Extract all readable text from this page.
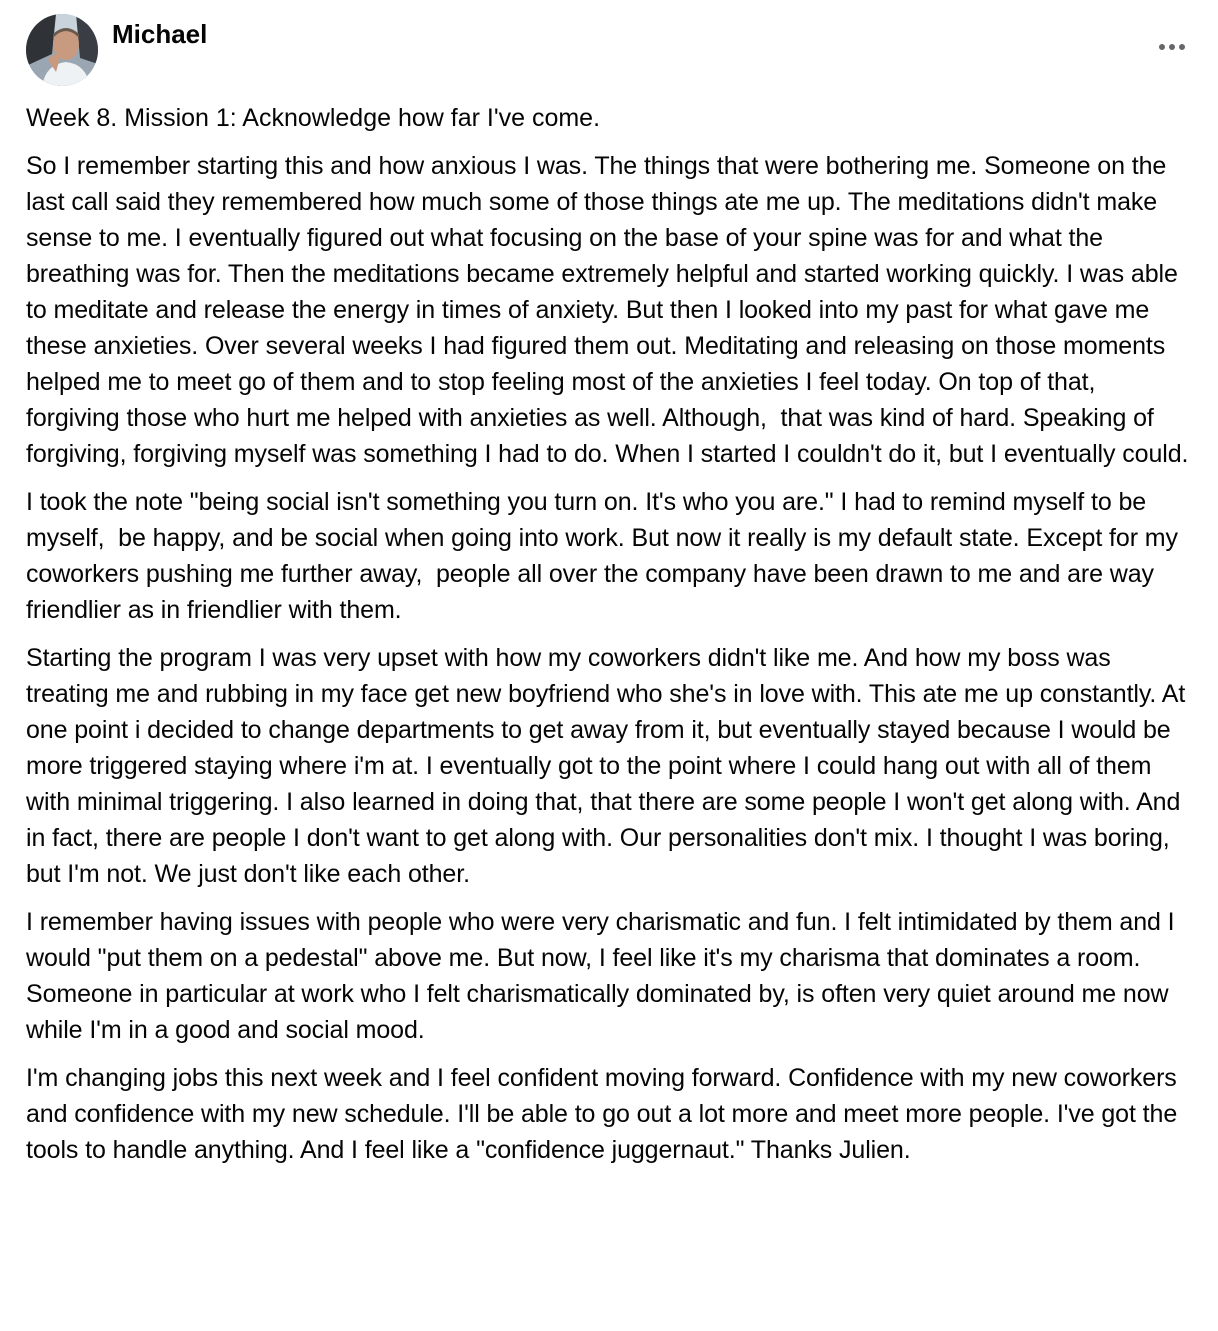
Michael

Week 8. Mission 1: Acknowledge how far I've come.

So I remember starting this and how anxious I was. The things that were bothering me. Someone on the last call said they remembered how much some of those things ate me up. The meditations didn't make sense to me. I eventually figured out what focusing on the base of your spine was for and what the breathing was for. Then the meditations became extremely helpful and started working quickly. I was able to meditate and release the energy in times of anxiety. But then I looked into my past for what gave me these anxieties. Over several weeks I had figured them out. Meditating and releasing on those moments helped me to meet go of them and to stop feeling most of the anxieties I feel today. On top of that,  forgiving those who hurt me helped with anxieties as well. Although,  that was kind of hard. Speaking of forgiving, forgiving myself was something I had to do. When I started I couldn't do it, but I eventually could.

I took the note "being social isn't something you turn on. It's who you are." I had to remind myself to be myself,  be happy, and be social when going into work. But now it really is my default state. Except for my coworkers pushing me further away,  people all over the company have been drawn to me and are way friendlier as in friendlier with them.

Starting the program I was very upset with how my coworkers didn't like me. And how my boss was treating me and rubbing in my face get new boyfriend who she's in love with. This ate me up constantly. At one point i decided to change departments to get away from it, but eventually stayed because I would be more triggered staying where i'm at. I eventually got to the point where I could hang out with all of them with minimal triggering. I also learned in doing that, that there are some people I won't get along with. And in fact, there are people I don't want to get along with. Our personalities don't mix. I thought I was boring, but I'm not. We just don't like each other.

I remember having issues with people who were very charismatic and fun. I felt intimidated by them and I would "put them on a pedestal" above me. But now, I feel like it's my charisma that dominates a room. Someone in particular at work who I felt charismatically dominated by, is often very quiet around me now while I'm in a good and social mood.

I'm changing jobs this next week and I feel confident moving forward. Confidence with my new coworkers and confidence with my new schedule. I'll be able to go out a lot more and meet more people. I've got the tools to handle anything. And I feel like a "confidence juggernaut." Thanks Julien.
